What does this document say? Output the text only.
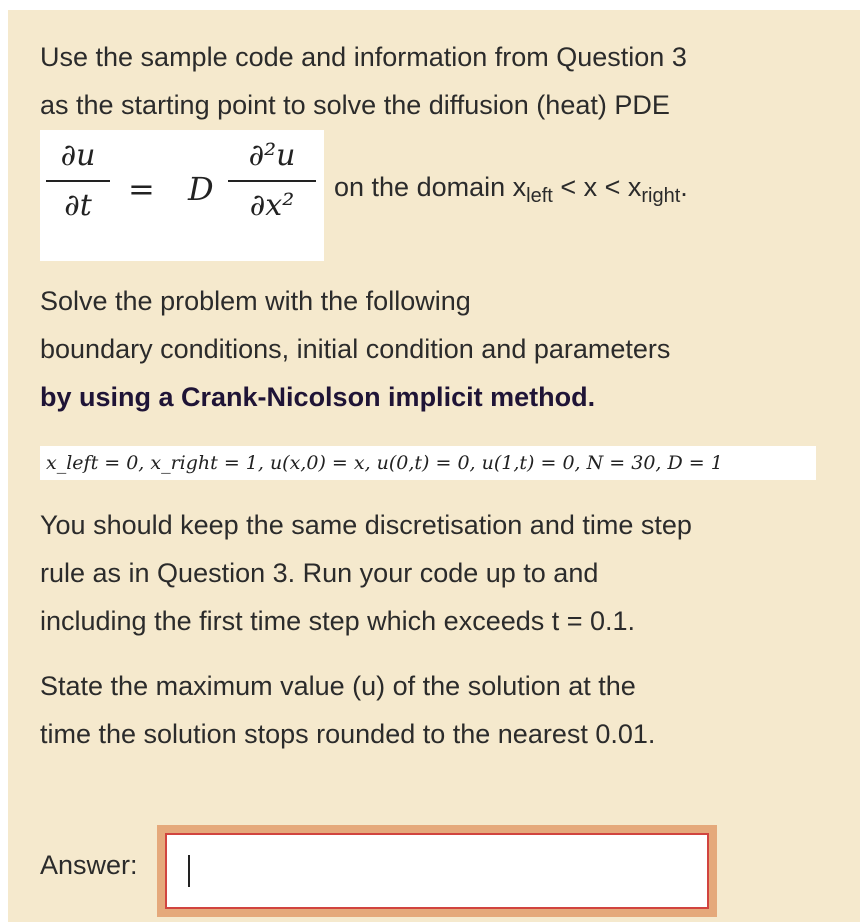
Use the sample code and information from Question 3

as the starting point to solve the diffusion (heat) PDE

∂u
∂t	= D
∂²u
∂x²
on the domain $x_{left} < x < x_{right}$.

Solve the problem with the following

boundary conditions, initial condition and parameters

by using a Crank-Nicolson implicit method.

x_left = 0, x_right = 1, u(x,0) = x, u(0,t) = 0, u(1,t) = 0, N = 30, D = 1

You should keep the same discretisation and time step

rule as in Question 3. Run your code up to and

including the first time step which exceeds t = 0.1.

State the maximum value (u) of the solution at the

time the solution stops rounded to the nearest 0.01.

Answer:
